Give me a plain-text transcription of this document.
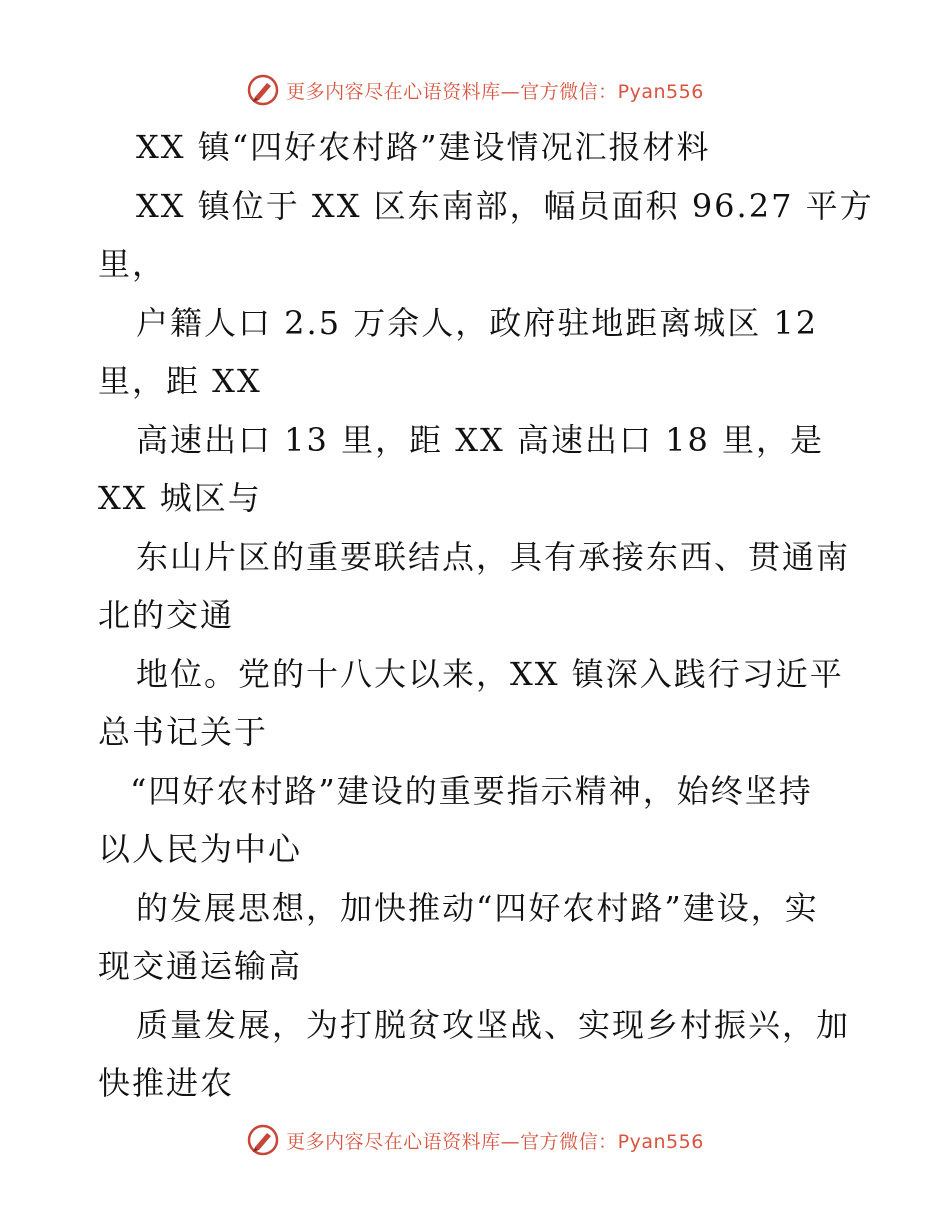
更多内容尽在心语资料库—官方微信：Pyan556
XX 镇“四好农村路”建设情况汇报材料
XX 镇位于 XX 区东南部，幅员面积 96.27 平方
里，
户籍人口 2.5 万余人，政府驻地距离城区 12
里，距 XX
高速出口 13 里，距 XX 高速出口 18 里，是
XX 城区与
东山片区的重要联结点，具有承接东西、贯通南
北的交通
地位。党的十八大以来，XX 镇深入践行习近平
总书记关于
“四好农村路”建设的重要指示精神，始终坚持
以人民为中心
的发展思想，加快推动“四好农村路”建设，实
现交通运输高
质量发展，为打脱贫攻坚战、实现乡村振兴，加
快推进农
更多内容尽在心语资料库—官方微信：Pyan556
